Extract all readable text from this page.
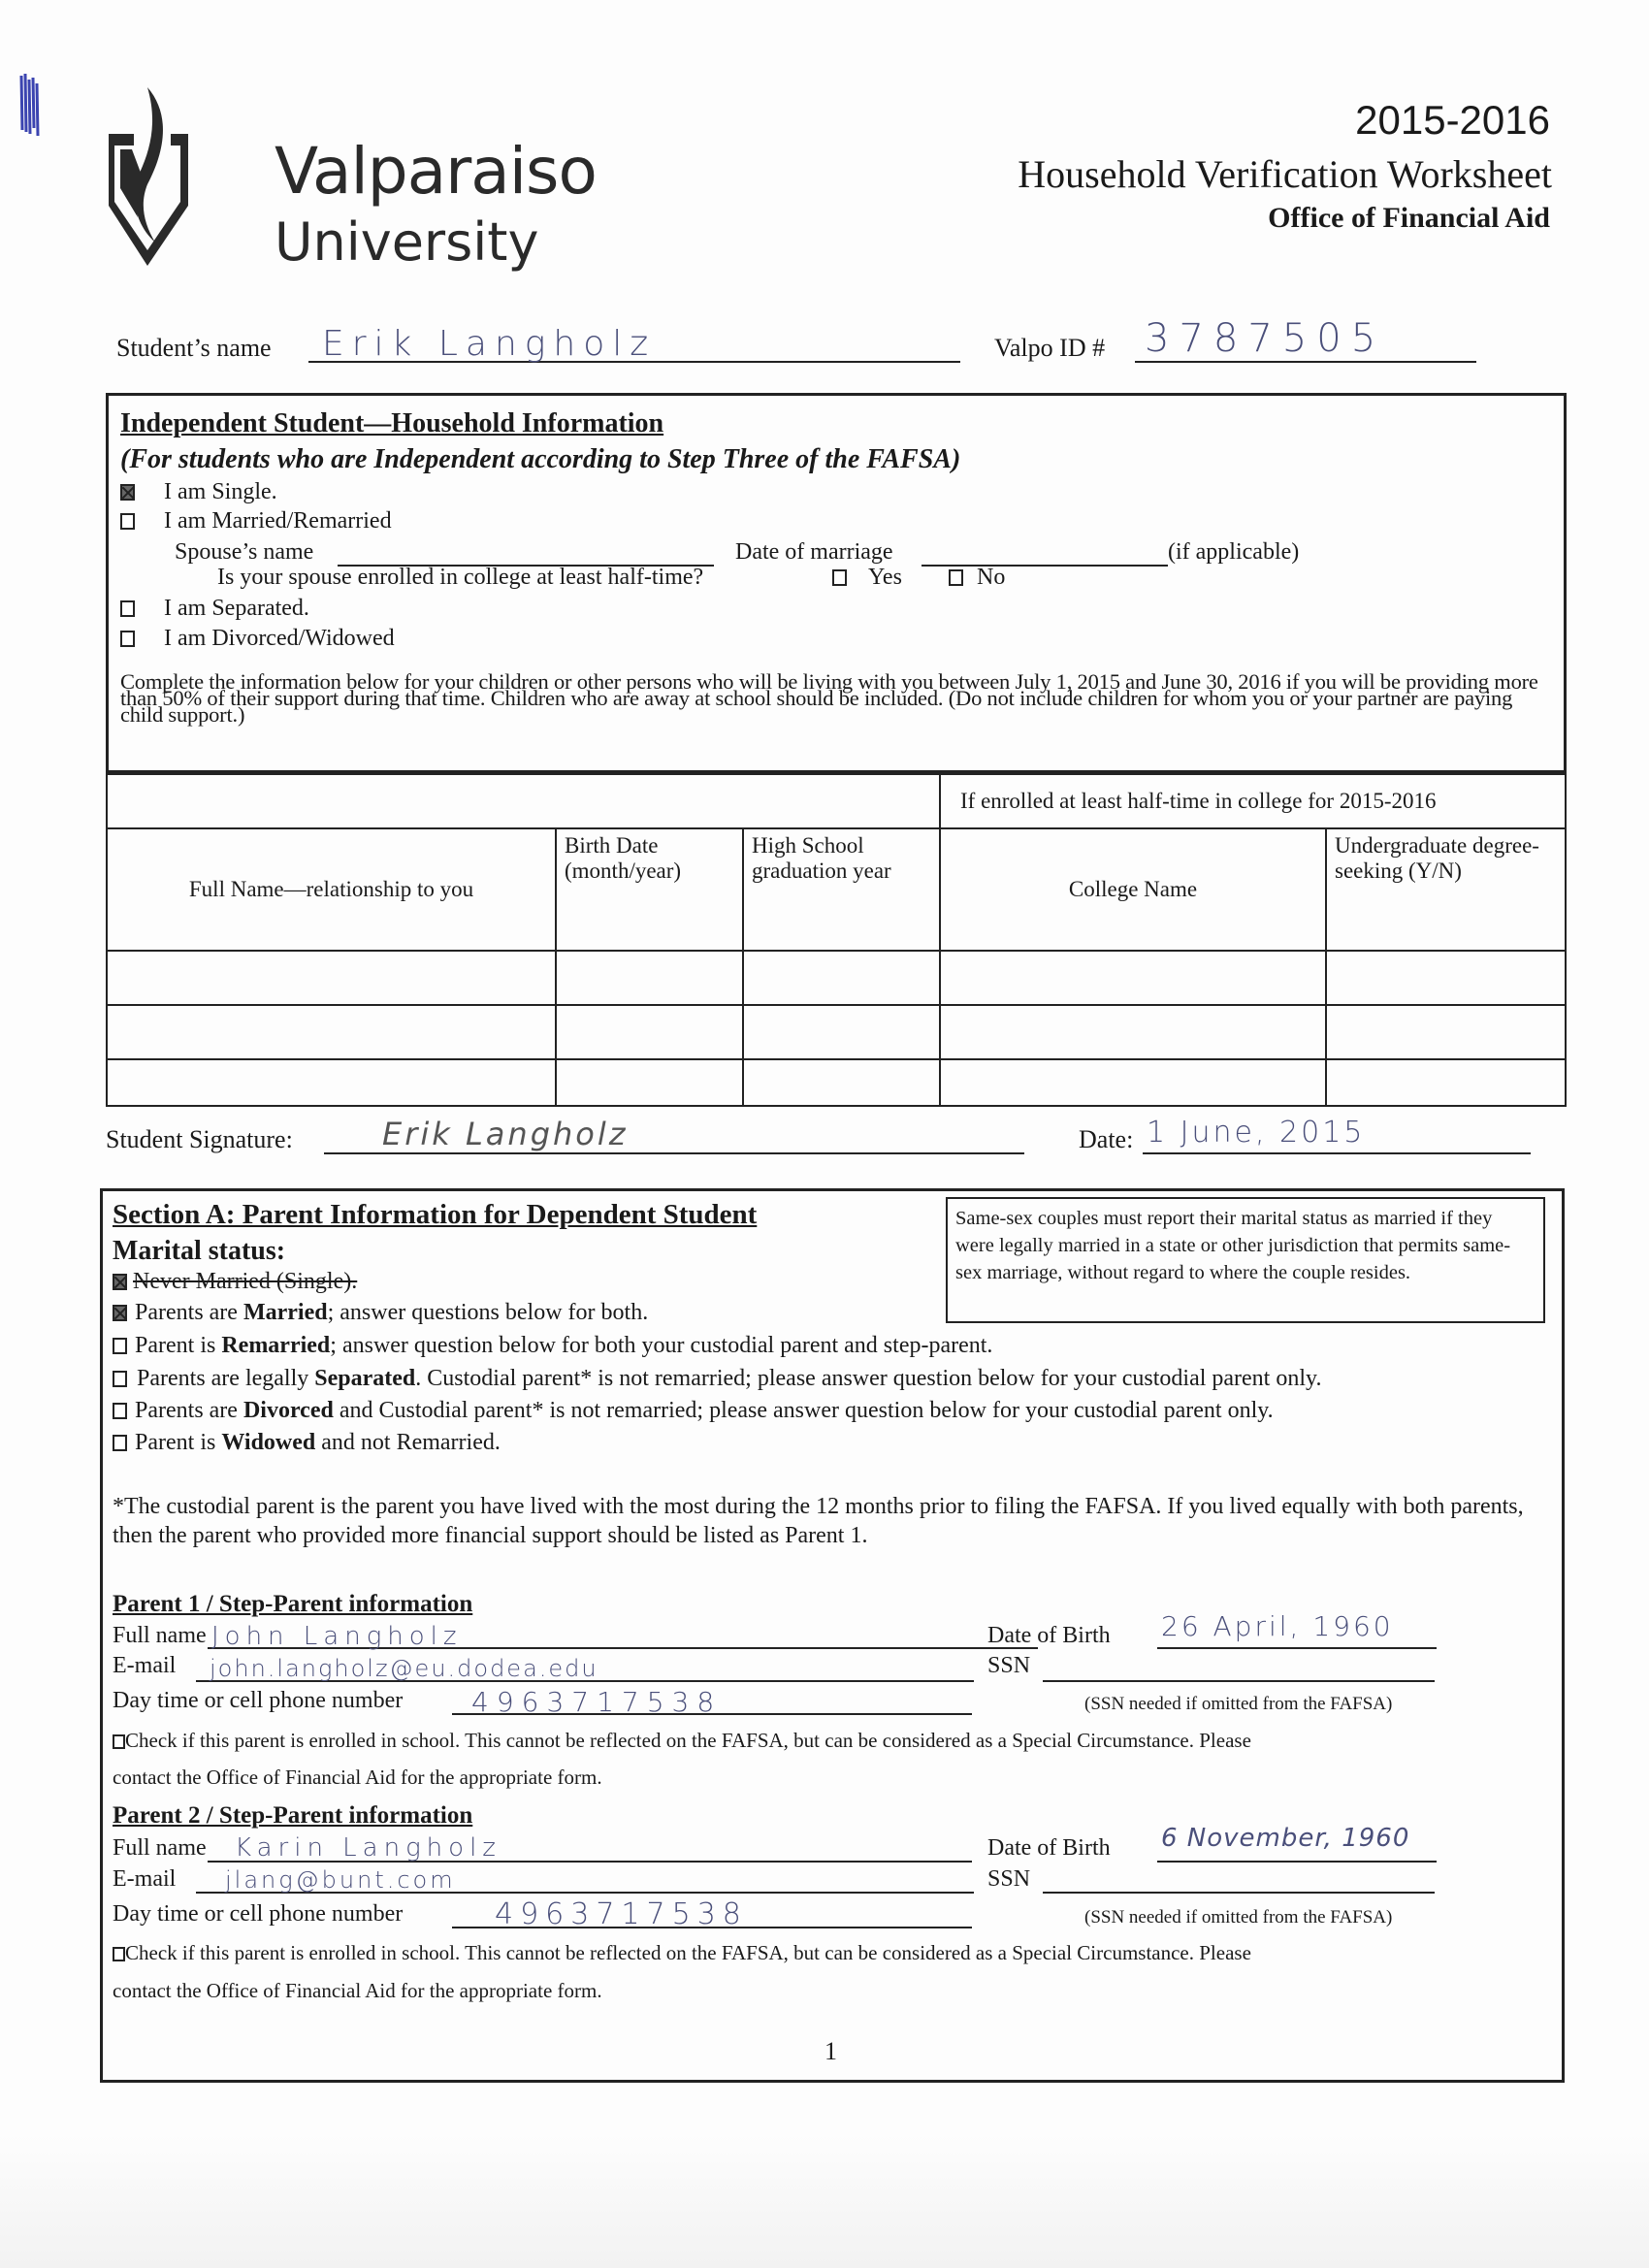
Valparaiso
University
2015-2016
Household Verification Worksheet
Office of Financial Aid
Student’s name	Erik Langholz	Valpo ID # 3787505
Independent Student—Household Information
(For students who are Independent according to Step Three of the FAFSA)
I am Single.
I am Married/Remarried
Spouse’s name	Date of marriage	(if applicable)
Is your spouse enrolled in college at least half-time?	Yes	No
I am Separated.
I am Divorced/Widowed
Complete the information below for your children or other persons who will be living with you between July 1, 2015 and June 30, 2016 if you will be providing more than 50% of their support during that time. Children who are away at school should be included. (Do not include children for whom you or your partner are paying child support.)
			If enrolled at least half-time in college for 2015-2016	
Full Name—relationship to you	Birth Date (month/year)	High School graduation year	College Name	Undergraduate degree-seeking (Y/N)

Student Signature:	Erik Langholz	Date: 1 June, 2015
Section A: Parent Information for Dependent Student
Marital status:
Same-sex couples must report their marital status as married if they were legally married in a state or other jurisdiction that permits same-sex marriage, without regard to where the couple resides.
Never Married (Single).
Parents are Married; answer questions below for both.
Parent is Remarried; answer question below for both your custodial parent and step-parent.
Parents are legally Separated. Custodial parent* is not remarried; please answer question below for your custodial parent only.
Parents are Divorced and Custodial parent* is not remarried; please answer question below for your custodial parent only.
Parent is Widowed and not Remarried.
*The custodial parent is the parent you have lived with the most during the 12 months prior to filing the FAFSA. If you lived equally with both parents, then the parent who provided more financial support should be listed as Parent 1.
Parent 1 / Step-Parent information
Full name John Langholz	Date of Birth 26 April, 1960
E-mail	john.langholz@eu.dodea.edu	SSN
Day time or cell phone number	4963717538	(SSN needed if omitted from the FAFSA)
Check if this parent is enrolled in school. This cannot be reflected on the FAFSA, but can be considered as a Special Circumstance. Please
contact the Office of Financial Aid for the appropriate form.
Parent 2 / Step-Parent information
Full name	Karin Langholz	Date of Birth 6 November, 1960
E-mail	jlang@bunt.com	SSN
Day time or cell phone number	4963717538	(SSN needed if omitted from the FAFSA)
Check if this parent is enrolled in school. This cannot be reflected on the FAFSA, but can be considered as a Special Circumstance. Please
contact the Office of Financial Aid for the appropriate form.
1
